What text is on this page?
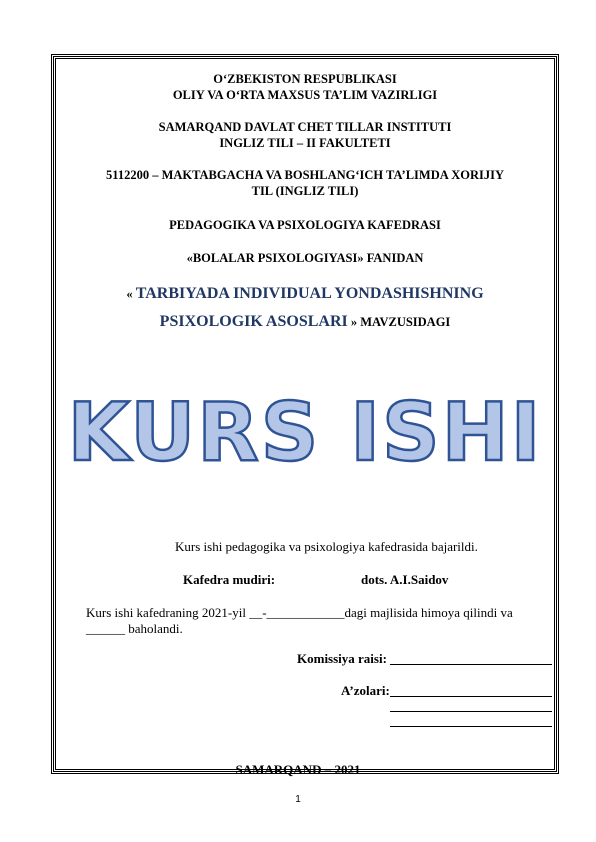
O‘ZBEKISTON RESPUBLIKASI
OLIY VA O‘RTA MAXSUS TA’LIM VAZIRLIGI
SAMARQAND DAVLAT CHET TILLAR INSTITUTI
INGLIZ TILI – II FAKULTETI
5112200 – MAKTABGACHA VA BOSHLANG‘ICH TA’LIMDA XORIJIY
TIL (INGLIZ TILI)
PEDAGOGIKA VA PSIXOLOGIYA KAFEDRASI
«BOLALAR PSIXOLOGIYASI» FANIDAN
« TARBIYADA INDIVIDUAL YONDASHISHNING
PSIXOLOGIK ASOSLARI » MAVZUSIDAGI
KURS ISHI
Kurs ishi pedagogika va psixologiya kafedrasida bajarildi.
Kafedra mudiri:	dots. A.I.Saidov
Kurs ishi kafedraning 2021-yil __-____________dagi majlisida himoya qilindi va
______ baholandi.
Komissiya raisi:
A’zolari:
SAMARQAND – 2021
1
